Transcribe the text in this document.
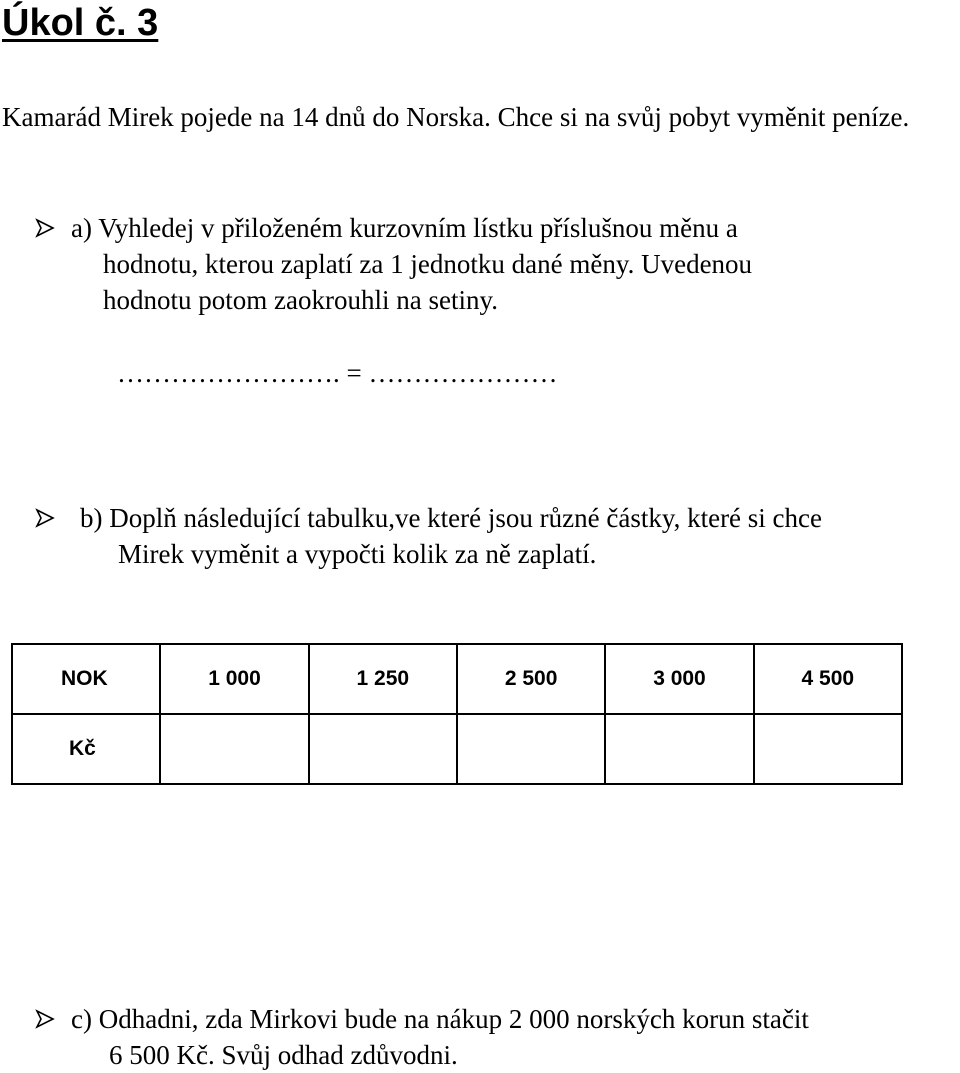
Úkol č. 3

Kamarád Mirek pojede na 14 dnů do Norska. Chce si na svůj pobyt vyměnit peníze.

a) Vyhledej v přiloženém kurzovním lístku příslušnou měnu a
hodnotu, kterou zaplatí za 1 jednotku dané měny. Uvedenou
hodnotu potom zaokrouhli na setiny.
……………………. = …………………
b) Doplň následující tabulku,ve které jsou různé částky, které si chce
Mirek vyměnit a vypočti kolik za ně zaplatí.
NOK	1 000	1 250	2 500	3 000	4 500
Kč					
c) Odhadni, zda Mirkovi bude na nákup 2 000 norských korun stačit
6 500 Kč. Svůj odhad zdůvodni.
